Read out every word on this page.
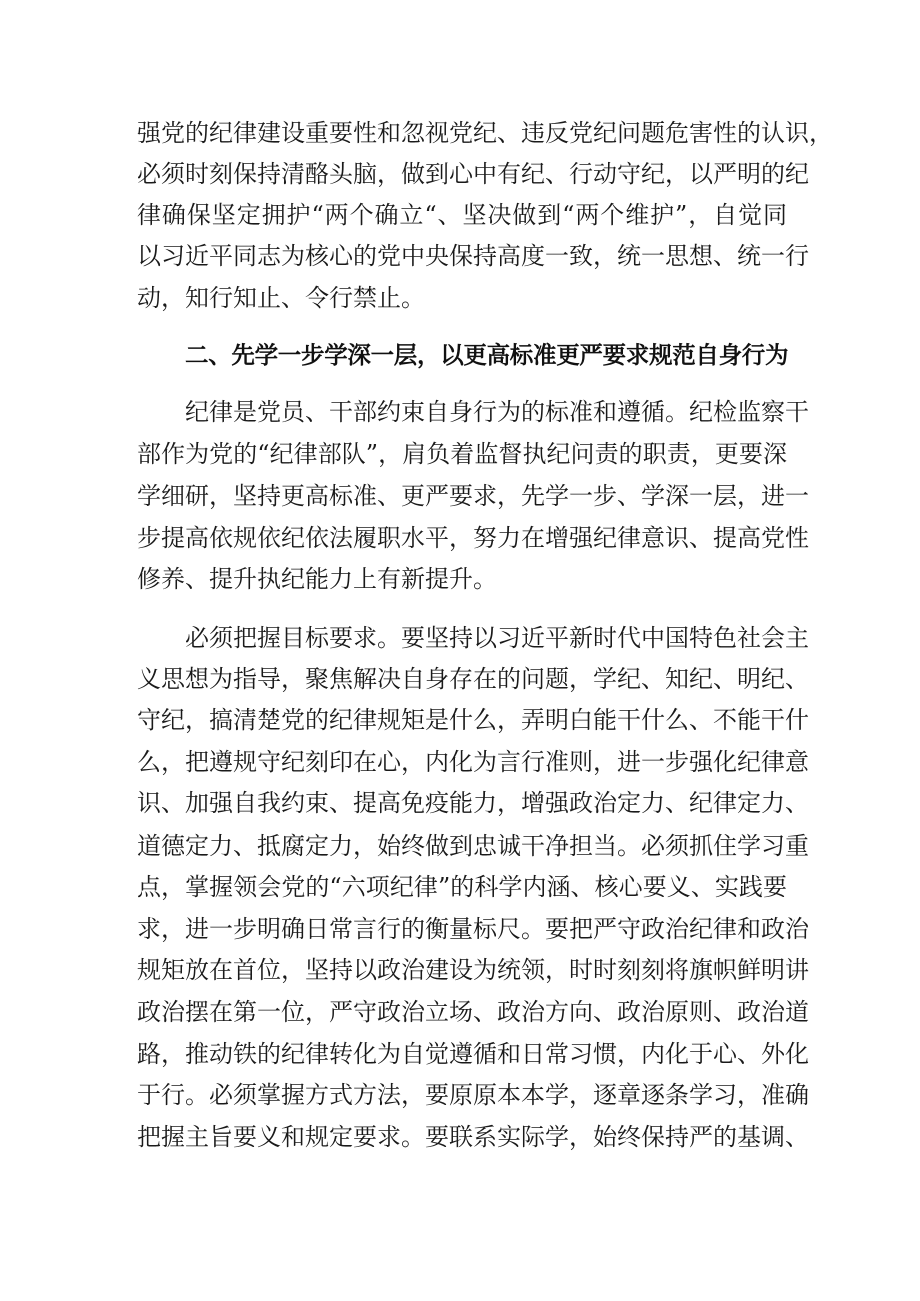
强党的纪律建设重要性和忽视党纪、违反党纪问题危害性的认识，
必须时刻保持清酪头脑，做到心中有纪、行动守纪，以严明的纪
律确保坚定拥护“两个确立“、坚决做到“两个维护”，自觉同
以习近平同志为核心的党中央保持高度一致，统一思想、统一行
动，知行知止、令行禁止。
二、先学一步学深一层，以更高标准更严要求规范自身行为
纪律是党员、干部约束自身行为的标准和遵循。纪检监察干
部作为党的“纪律部队”，肩负着监督执纪问责的职责，更要深
学细研，坚持更高标准、更严要求，先学一步、学深一层，进一
步提高依规依纪依法履职水平，努力在增强纪律意识、提高党性
修养、提升执纪能力上有新提升。
必须把握目标要求。要坚持以习近平新时代中国特色社会主
义思想为指导，聚焦解决自身存在的问题，学纪、知纪、明纪、
守纪，搞清楚党的纪律规矩是什么，弄明白能干什么、不能干什
么，把遵规守纪刻印在心，内化为言行准则，进一步强化纪律意
识、加强自我约束、提高免疫能力，增强政治定力、纪律定力、
道德定力、抵腐定力，始终做到忠诚干净担当。必须抓住学习重
点，掌握领会党的“六项纪律”的科学内涵、核心要义、实践要
求，进一步明确日常言行的衡量标尺。要把严守政治纪律和政治
规矩放在首位，坚持以政治建设为统领，时时刻刻将旗帜鲜明讲
政治摆在第一位，严守政治立场、政治方向、政治原则、政治道
路，推动铁的纪律转化为自觉遵循和日常习惯，内化于心、外化
于行。必须掌握方式方法，要原原本本学，逐章逐条学习，准确
把握主旨要义和规定要求。要联系实际学，始终保持严的基调、
